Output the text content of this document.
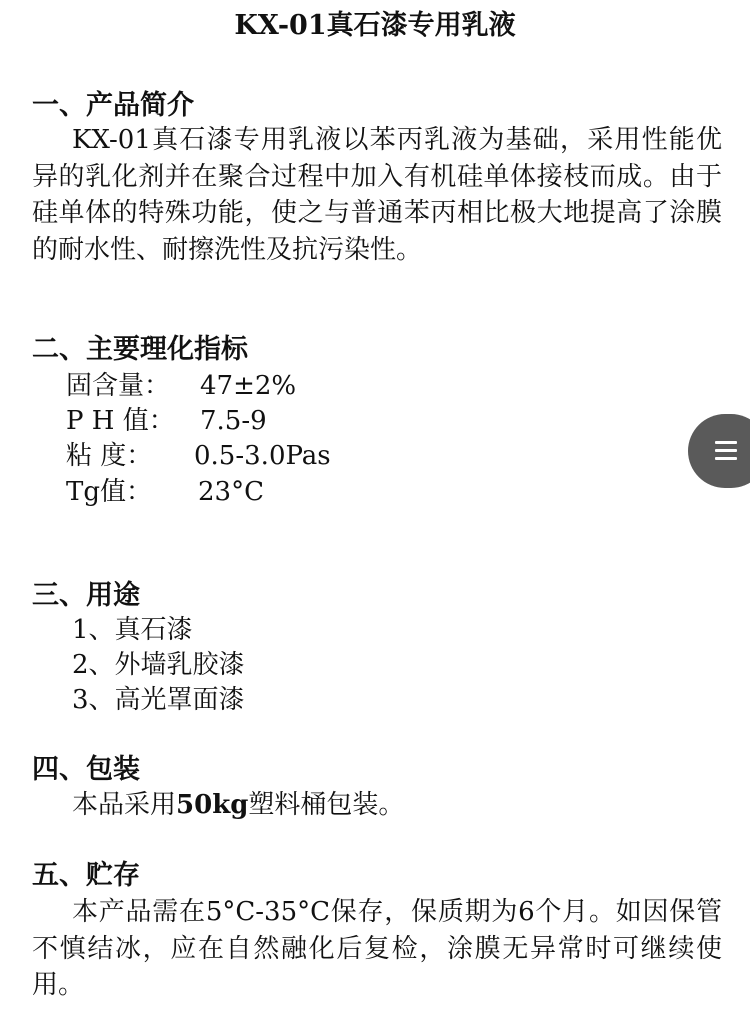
KX-01真石漆专用乳液
一、产品简介
KX-01真石漆专用乳液以苯丙乳液为基础，采用性能优异的乳化剂并在聚合过程中加入有机硅单体接枝而成。由于硅单体的特殊功能，使之与普通苯丙相比极大地提高了涂膜的耐水性、耐擦洗性及抗污染性。
二、主要理化指标
固含量： 47±2%
P H 值： 7.5-9
粘 度： 0.5-3.0Pas
Tg值： 23°C
三、用途
1、真石漆
2、外墙乳胶漆
3、高光罩面漆
四、包装
本品采用50kg塑料桶包装。
五、贮存
本产品需在5°C-35°C保存，保质期为6个月。如因保管不慎结冰，应在自然融化后复检，涂膜无异常时可继续使用。
